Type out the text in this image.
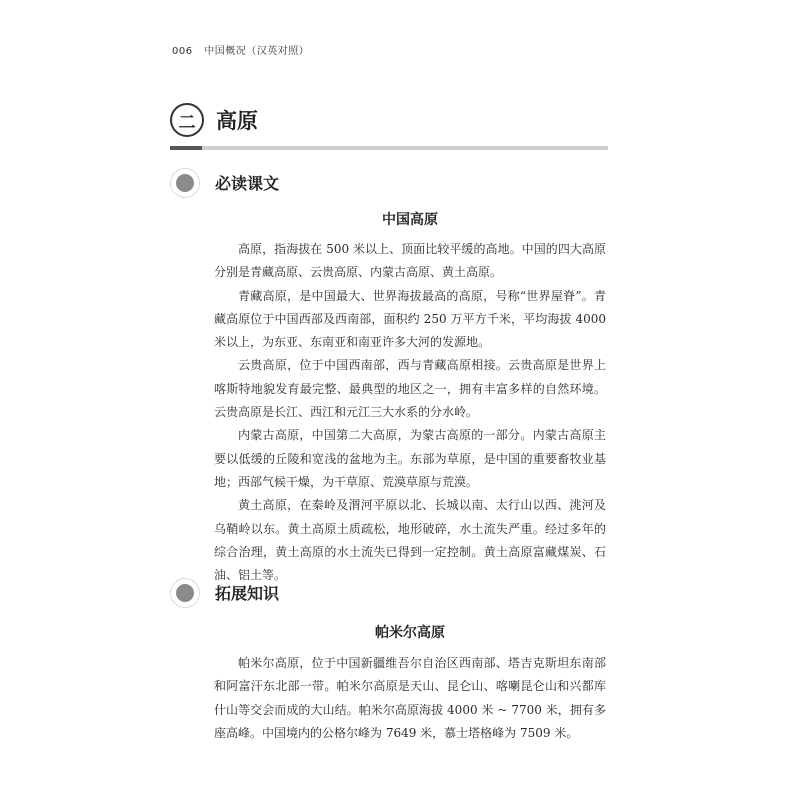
006 中国概况（汉英对照）
二 高原
必读课文
中国高原

高原，指海拔在 500 米以上、顶面比较平缓的高地。中国的四大高原分别是青藏高原、云贵高原、内蒙古高原、黄土高原。

青藏高原，是中国最大、世界海拔最高的高原，号称“世界屋脊”。青藏高原位于中国西部及西南部，面积约 250 万平方千米，平均海拔 4000 米以上，为东亚、东南亚和南亚许多大河的发源地。

云贵高原，位于中国西南部，西与青藏高原相接。云贵高原是世界上喀斯特地貌发育最完整、最典型的地区之一，拥有丰富多样的自然环境。云贵高原是长江、西江和元江三大水系的分水岭。

内蒙古高原，中国第二大高原，为蒙古高原的一部分。内蒙古高原主要以低缓的丘陵和宽浅的盆地为主。东部为草原，是中国的重要畜牧业基地；西部气候干燥，为干草原、荒漠草原与荒漠。

黄土高原，在秦岭及渭河平原以北、长城以南、太行山以西、洮河及乌鞘岭以东。黄土高原土质疏松，地形破碎，水土流失严重。经过多年的综合治理，黄土高原的水土流失已得到一定控制。黄土高原富藏煤炭、石油、铝土等。

拓展知识
帕米尔高原

帕米尔高原，位于中国新疆维吾尔自治区西南部、塔吉克斯坦东南部和阿富汗东北部一带。帕米尔高原是天山、昆仑山、喀喇昆仑山和兴都库什山等交会而成的大山结。帕米尔高原海拔 4000 米 ~ 7700 米，拥有多座高峰。中国境内的公格尔峰为 7649 米，慕士塔格峰为 7509 米。
